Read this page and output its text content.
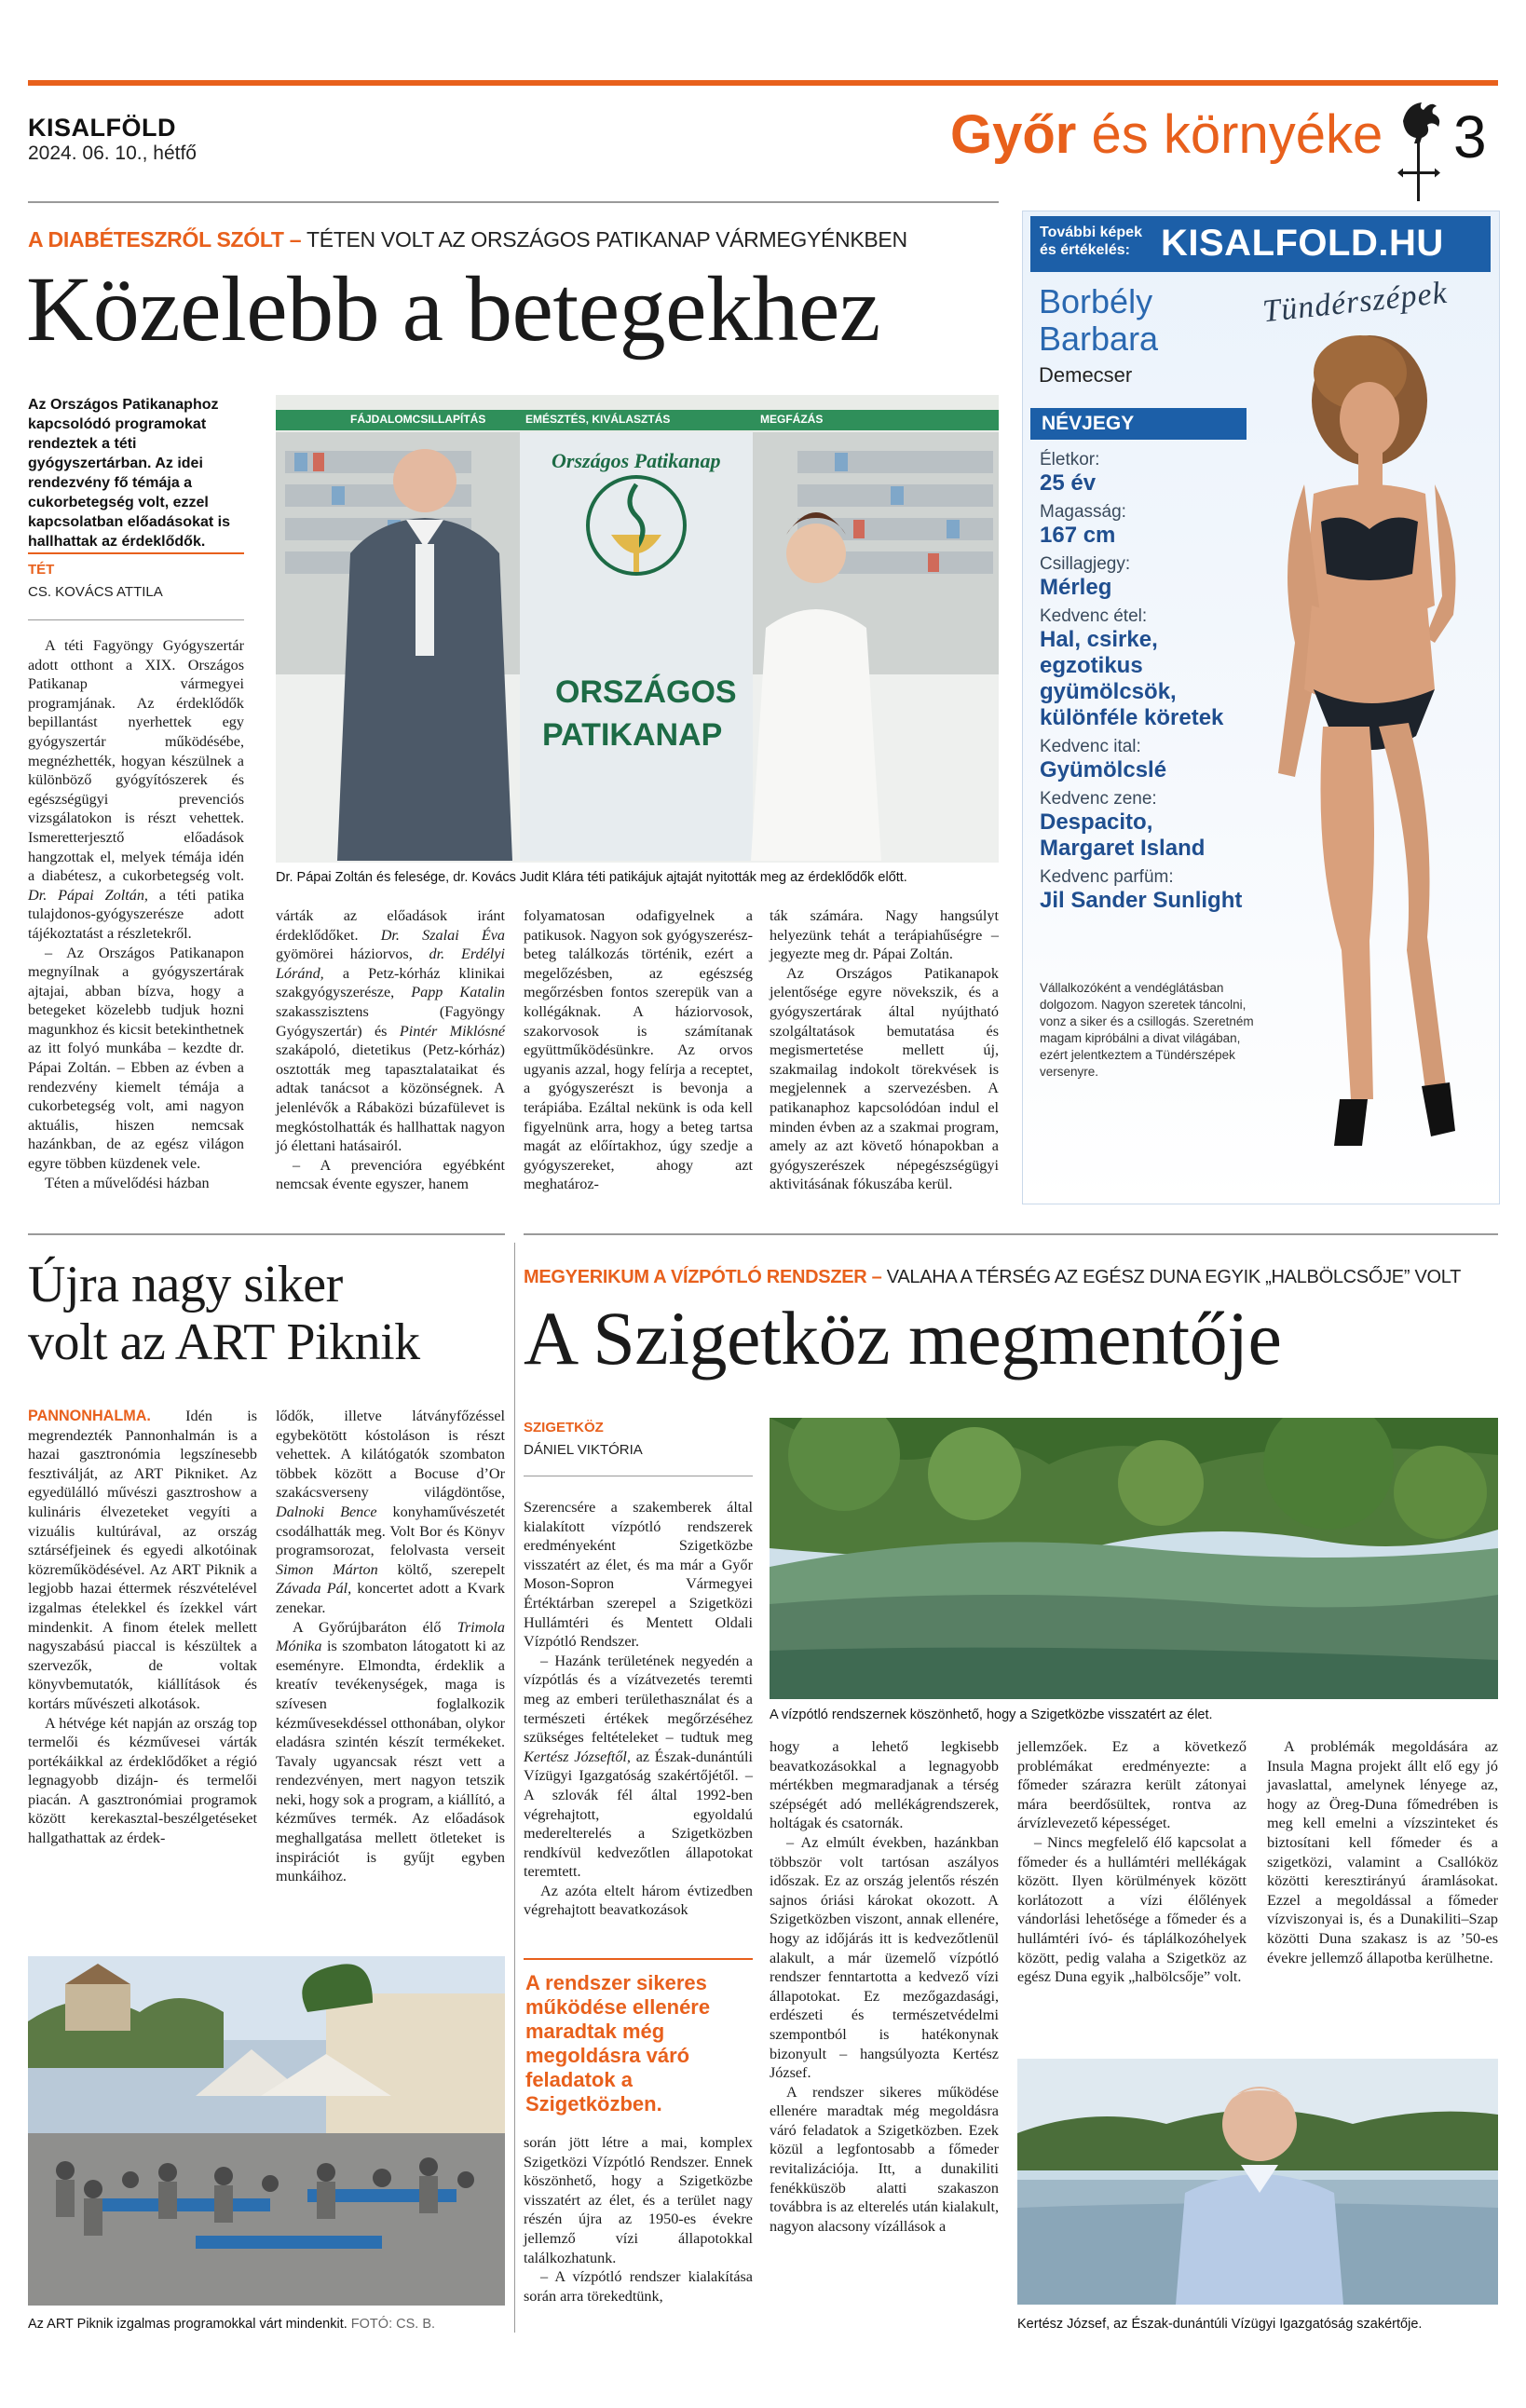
KISALFÖLD
2024. 06. 10., hétfő	Győr és környéke 3
A DIABÉTESZRŐL SZÓLT – TÉTEN VOLT AZ ORSZÁGOS PATIKANAP VÁRMEGYÉNKBEN
Közelebb a betegekhez
Az Országos Patikanaphoz kapcsolódó programokat rendeztek a téti gyógyszertárban. Az idei rendezvény fő témája a cukorbetegség volt, ezzel kapcsolatban előadásokat is hallhattak az érdeklődők.
TÉT
CS. KOVÁCS ATTILA
FÁJDALOMCSILLAPÍTÁS	EMÉSZTÉS, KIVÁLASZTÁS	MEGFÁZÁS
Országos Patikanap
ORSZÁGOS
PATIKANAP
Dr. Pápai Zoltán és felesége, dr. Kovács Judit Klára téti patikájuk ajtaját nyitották meg az érdeklődők előtt.

A téti Fagyöngy Gyógyszertár adott otthont a XIX. Országos Patikanap vármegyei programjának. Az érdeklődők bepillantást nyerhettek egy gyógyszertár működésébe, megnézhették, hogyan készülnek a különböző gyógyítószerek és egészségügyi prevenciós vizsgálatokon is részt vehettek. Ismeretterjesztő előadások hangzottak el, melyek témája idén a diabétesz, a cukorbetegség volt. Dr. Pápai Zoltán, a téti patika tulajdonos-gyógyszerésze adott tájékoztatást a részletekről.

– Az Országos Patikanapon megnyílnak a gyógyszertárak ajtajai, abban bízva, hogy a betegeket közelebb tudjuk hozni magunkhoz és kicsit betekinthetnek az itt folyó munkába – kezdte dr. Pápai Zoltán. – Ebben az évben a rendezvény kiemelt témája a cukorbetegség volt, ami nagyon aktuális, hiszen nemcsak hazánkban, de az egész világon egyre többen küzdenek vele.

Téten a művelődési házban

várták az előadások iránt érdeklődőket. Dr. Szalai Éva gyömörei háziorvos, dr. Erdélyi Lóránd, a Petz-kórház klinikai szakgyógyszerésze, Papp Katalin szakasszisztens (Fagyöngy Gyógyszertár) és Pintér Miklósné szakápoló, dietetikus (Petz-kórház) osztották meg tapasztalataikat és adtak tanácsot a közönségnek. A jelenlévők a Rábaközi búzafülevet is megkóstolhatták és hallhattak nagyon jó élettani hatásairól.

– A prevencióra egyébként nemcsak évente egyszer, hanem

folyamatosan odafigyelnek a patikusok. Nagyon sok gyógyszerész-beteg találkozás történik, ezért a megelőzésben, az egészség megőrzésben fontos szerepük van a kollégáknak. A háziorvosok, szakorvosok is számítanak együttműködésünkre. Az orvos ugyanis azzal, hogy felírja a receptet, a gyógyszerészt is bevonja a terápiába. Ezáltal nekünk is oda kell figyelnünk arra, hogy a beteg tartsa magát az előírtakhoz, úgy szedje a gyógyszereket, ahogy azt meghatároz-

ták számára. Nagy hangsúlyt helyezünk tehát a terápiahűségre – jegyezte meg dr. Pápai Zoltán.

Az Országos Patikanapok jelentősége egyre növekszik, és a gyógyszertárak által nyújtható szolgáltatások bemutatása és megismertetése mellett új, szakmailag indokolt törekvések is megjelennek a szervezésben. A patikanaphoz kapcsolódóan indul el minden évben az a szakmai program, amely az azt követő hónapokban a gyógyszerészek népegészségügyi aktivitásának fókuszába kerül.

További képek
és értékelés: KISALFOLD.HU
Borbély
Barbara
Demecser
Tündérszépek
NÉVJEGY
Életkor:
25 év
Magasság:
167 cm
Csillagjegy:
Mérleg
Kedvenc étel:
Hal, csirke, egzotikus gyümölcsök, különféle köretek
Kedvenc ital:
Gyümölcslé
Kedvenc zene:
Despacito, Margaret Island
Kedvenc parfüm:
Jil Sander Sunlight
Vállalkozóként a vendéglátásban dolgozom. Nagyon szeretek táncolni, vonz a siker és a csillogás. Szeretném magam kipróbálni a divat világában, ezért jelentkeztem a Tündérszépek versenyre.
Újra nagy siker
volt az ART Piknik

PANNONHALMA. Idén is megrendezték Pannonhalmán is a hazai gasztronómia legszínesebb fesztiválját, az ART Pikniket. Az egyedülálló művészi gasztroshow a kulináris élvezeteket vegyíti a vizuális kultúrával, az ország sztárséfjeinek és egyedi alkotóinak közreműködésével. Az ART Piknik a legjobb hazai éttermek részvételével izgalmas ételekkel és ízekkel várt mindenkit. A finom ételek mellett nagyszabású piaccal is készültek a szervezők, de voltak könyvbemutatók, kiállítások és kortárs művészeti alkotások.

A hétvége két napján az ország top termelői és kézművesei várták portékáikkal az érdeklődőket a régió legnagyobb dizájn- és termelői piacán. A gasztronómiai programok között kerekasztal-beszélgetéseket hallgathattak az érdek-

lődők, illetve látványfőzéssel egybekötött kóstoláson is részt vehettek. A kilátógatók szombaton többek között a Bocuse d’Or szakácsverseny világdöntőse, Dalnoki Bence konyhaművészetét csodálhatták meg. Volt Bor és Könyv programsorozat, felolvasta verseit Simon Márton költő, szerepelt Závada Pál, koncertet adott a Kvark zenekar.

A Győrújbaráton élő Trimola Mónika is szombaton látogatott ki az eseményre. Elmondta, érdeklik a kreatív tevékenységek, maga is szívesen foglalkozik kézművesekdéssel otthonában, olykor eladásra szintén készít termékeket. Tavaly ugyancsak részt vett a rendezvényen, mert nagyon tetszik neki, hogy sok a program, a kiállító, a kézműves termék. Az előadások meghallgatása mellett ötleteket is inspirációt is gyűjt egyben munkáihoz.

Az ART Piknik izgalmas programokkal várt mindenkit. FOTÓ: CS. B.
MEGYERIKUM A VÍZPÓTLÓ RENDSZER – VALAHA A TÉRSÉG AZ EGÉSZ DUNA EGYIK „HALBÖLCSŐJE” VOLT
A Szigetköz megmentője
SZIGETKÖZ
DÁNIEL VIKTÓRIA
A vízpótló rendszernek köszönhető, hogy a Szigetközbe visszatért az élet.

Szerencsére a szakemberek által kialakított vízpótló rendszerek eredményeként Szigetközbe visszatért az élet, és ma már a Győr Moson-Sopron Vármegyei Értéktárban szerepel a Szigetközi Hullámtéri és Mentett Oldali Vízpótló Rendszer.

– Hazánk területének negyedén a vízpótlás és a vízátvezetés teremti meg az emberi területhasználat és a természeti értékek megőrzéséhez szükséges feltételeket – tudtuk meg Kertész Józseftől, az Észak-dunántúli Vízügyi Igazgatóság szakértőjétől. – A szlovák fél által 1992-ben végrehajtott, egyoldalú mederelterelés a Szigetközben rendkívül kedvezőtlen állapotokat teremtett.

Az azóta eltelt három évtizedben végrehajtott beavatkozások

A rendszer sikeres működése ellenére maradtak még megoldásra váró feladatok a Szigetközben.

során jött létre a mai, komplex Szigetközi Vízpótló Rendszer. Ennek köszönhető, hogy a Szigetközbe visszatért az élet, és a terület nagy részén újra az 1950-es évekre jellemző vízi állapotokkal találkozhatunk.

– A vízpótló rendszer kialakítása során arra törekedtünk,

hogy a lehető legkisebb beavatkozásokkal a legnagyobb mértékben megmaradjanak a térség szépségét adó mellékágrendszerek, holtágak és csatornák.

– Az elmúlt években, hazánkban többször volt tartósan aszályos időszak. Ez az ország jelentős részén sajnos óriási károkat okozott. A Szigetközben viszont, annak ellenére, hogy az időjárás itt is kedvezőtlenül alakult, a már üzemelő vízpótló rendszer fenntartotta a kedvező vízi állapotokat. Ez mezőgazdasági, erdészeti és természetvédelmi szempontból is hatékonynak bizonyult – hangsúlyozta Kertész József.

A rendszer sikeres működése ellenére maradtak még megoldásra váró feladatok a Szigetközben. Ezek közül a legfontosabb a főmeder revitalizációja. Itt, a dunakiliti fenékküszöb alatti szakaszon továbbra is az elterelés után kialakult, nagyon alacsony vízállások a

jellemzőek. Ez a következő problémákat eredményezte: a főmeder szárazra került zátonyai mára beerdősültek, rontva az árvízlevezető képességet.

– Nincs megfelelő élő kapcsolat a főmeder és a hullámtéri mellékágak között. Ilyen körülmények között korlátozott a vízi élőlények vándorlási lehetősége a főmeder és a hullámtéri ívó- és táplálkozóhelyek között, pedig valaha a Szigetköz az egész Duna egyik „halbölcsője” volt.

A problémák megoldására az Insula Magna projekt állt elő egy jó javaslattal, amelynek lényege az, hogy az Öreg-Duna főmedrében is meg kell emelni a vízszinteket és biztosítani kell főmeder és a szigetközi, valamint a Csallóköz közötti keresztirányú áramlásokat. Ezzel a megoldással a főmeder vízviszonyai is, és a Dunakiliti–Szap közötti Duna szakasz is az ’50-es évekre jellemző állapotba kerülhetne.

Kertész József, az Észak-dunántúli Vízügyi Igazgatóság szakértője.
